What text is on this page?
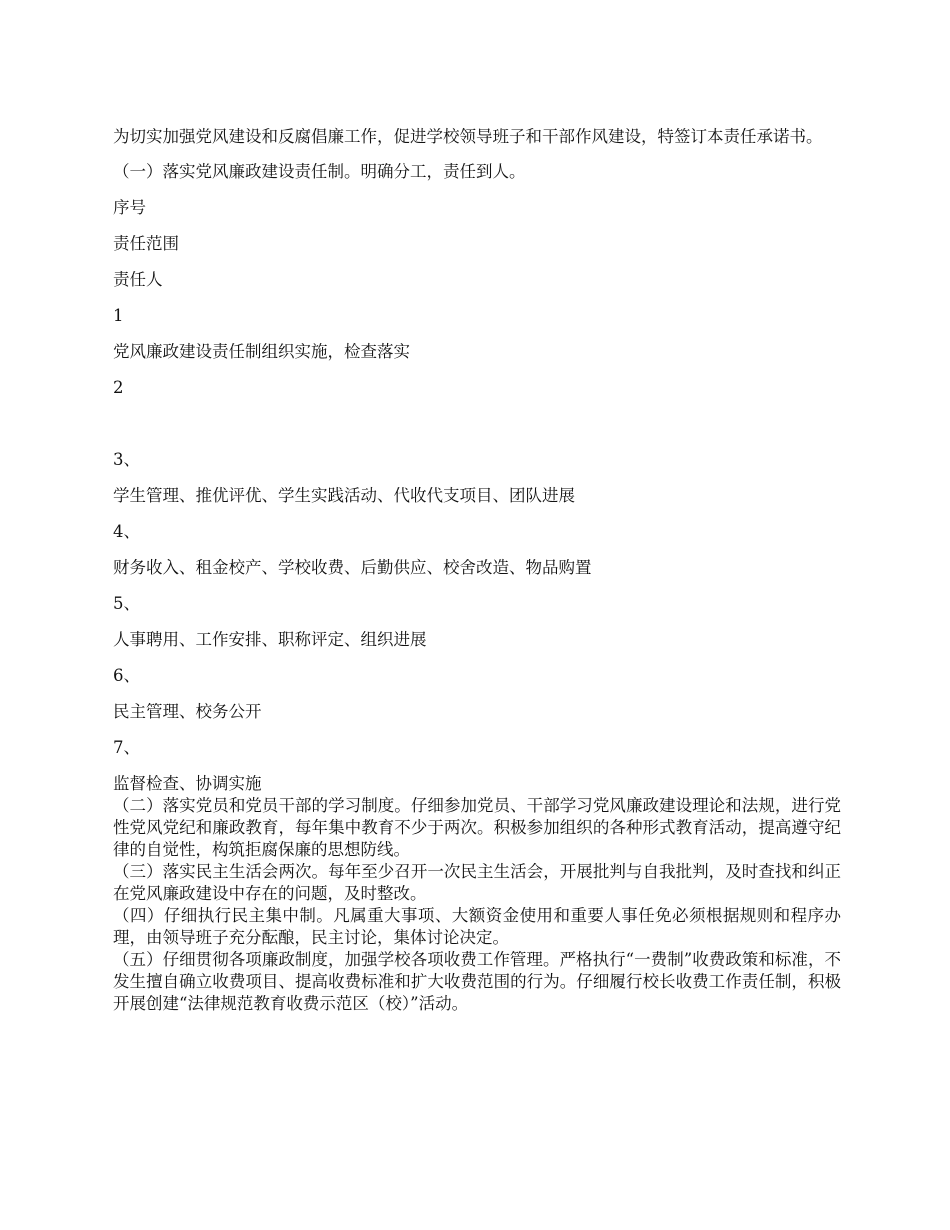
为切实加强党风建设和反腐倡廉工作，促进学校领导班子和干部作风建设，特签订本责任承诺书。

（一）落实党风廉政建设责任制。明确分工，责任到人。

序号

责任范围

责任人

1

党风廉政建设责任制组织实施，检查落实

2

3、

学生管理、推优评优、学生实践活动、代收代支项目、团队进展

4、

财务收入、租金校产、学校收费、后勤供应、校舍改造、物品购置

5、

人事聘用、工作安排、职称评定、组织进展

6、

民主管理、校务公开

7、

监督检查、协调实施

（二）落实党员和党员干部的学习制度。仔细参加党员、干部学习党风廉政建设理论和法规，进行党性党风党纪和廉政教育，每年集中教育不少于两次。积极参加组织的各种形式教育活动，提高遵守纪律的自觉性，构筑拒腐保廉的思想防线。

（三）落实民主生活会两次。每年至少召开一次民主生活会，开展批判与自我批判，及时查找和纠正在党风廉政建设中存在的问题，及时整改。

（四）仔细执行民主集中制。凡属重大事项、大额资金使用和重要人事任免必须根据规则和程序办理，由领导班子充分酝酿，民主讨论，集体讨论决定。

（五）仔细贯彻各项廉政制度，加强学校各项收费工作管理。严格执行“一费制”收费政策和标准，不发生擅自确立收费项目、提高收费标准和扩大收费范围的行为。仔细履行校长收费工作责任制，积极开展创建“法律规范教育收费示范区（校）”活动。
